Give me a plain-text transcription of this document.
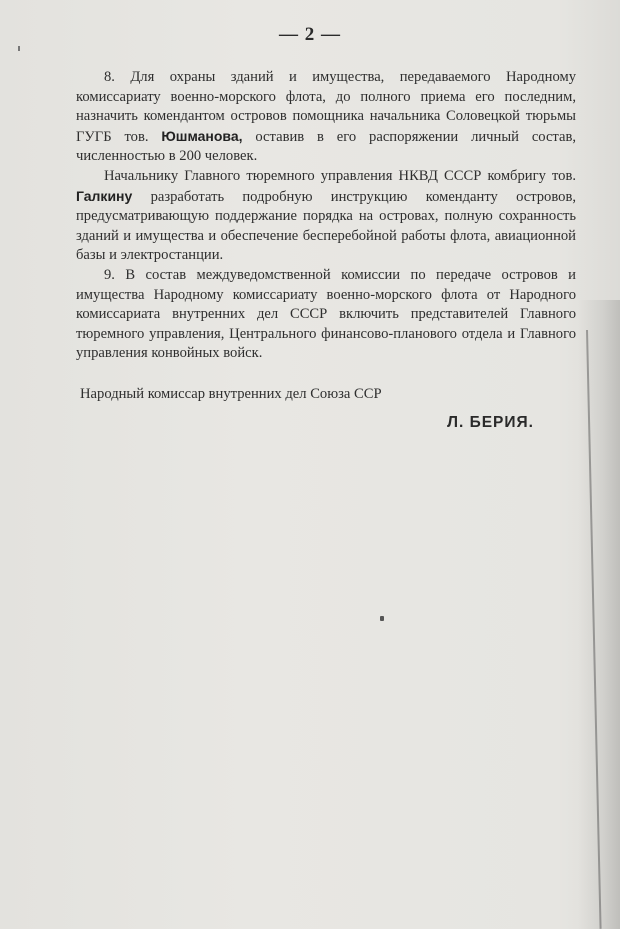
— 2 —

8. Для охраны зданий и имущества, передаваемого Народному комиссариату военно-морского флота, до полного приема его последним, назначить комендантом островов помощника начальника Соловецкой тюрьмы ГУГБ тов. Юшманова, оставив в его распоряжении личный состав, численностью в 200 человек.

Начальнику Главного тюремного управления НКВД СССР комбригу тов. Галкину разработать подробную инструкцию коменданту островов, предусматривающую поддержание порядка на островах, полную сохранность зданий и имущества и обеспечение бесперебойной работы флота, авиационной базы и электростанции.

9. В состав междуведомственной комиссии по передаче островов и имущества Народному комиссариату военно-морского флота от Народного комиссариата внутренних дел СССР включить представителей Главного тюремного управления, Центрального финансово-планового отдела и Главного управления конвойных войск.

Народный комиссар внутренних дел Союза ССР
Л. БЕРИЯ.
